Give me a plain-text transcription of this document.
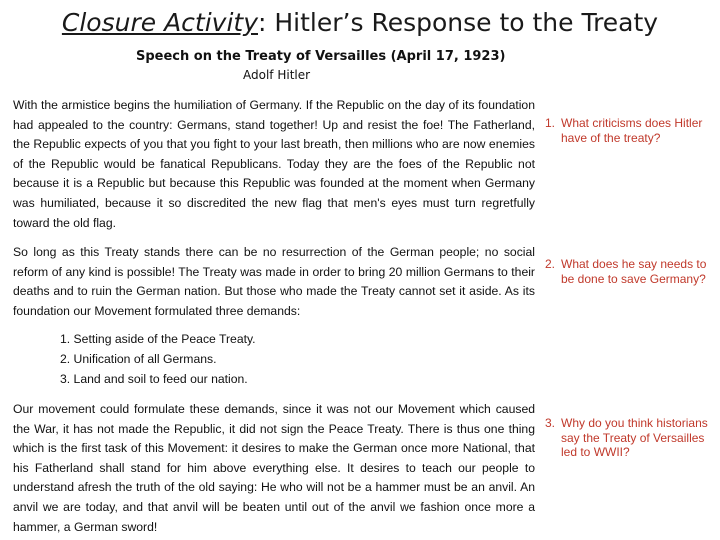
Closure Activity: Hitler’s Response to the Treaty
Speech on the Treaty of Versailles (April 17, 1923)
Adolf Hitler

With the armistice begins the humiliation of Germany. If the Republic on the day of its foundation had appealed to the country: Germans, stand together! Up and resist the foe! The Fatherland, the Republic expects of you that you fight to your last breath, then millions who are now enemies of the Republic would be fanatical Republicans. Today they are the foes of the Republic not because it is a Republic but because this Republic was founded at the moment when Germany was humiliated, because it so discredited the new flag that men's eyes must turn regretfully toward the old flag.

So long as this Treaty stands there can be no resurrection of the German people; no social reform of any kind is possible! The Treaty was made in order to bring 20 million Germans to their deaths and to ruin the German nation. But those who made the Treaty cannot set it aside. As its foundation our Movement formulated three demands:

1. Setting aside of the Peace Treaty.
2. Unification of all Germans.
3. Land and soil to feed our nation.

Our movement could formulate these demands, since it was not our Movement which caused the War, it has not made the Republic, it did not sign the Peace Treaty. There is thus one thing which is the first task of this Movement: it desires to make the German once more National, that his Fatherland shall stand for him above everything else. It desires to teach our people to understand afresh the truth of the old saying: He who will not be a hammer must be an anvil. An anvil we are today, and that anvil will be beaten until out of the anvil we fashion once more a hammer, a German sword!

1. What criticisms does Hitler have of the treaty?
2. What does he say needs to be done to save Germany?
3. Why do you think historians say the Treaty of Versailles led to WWII?
